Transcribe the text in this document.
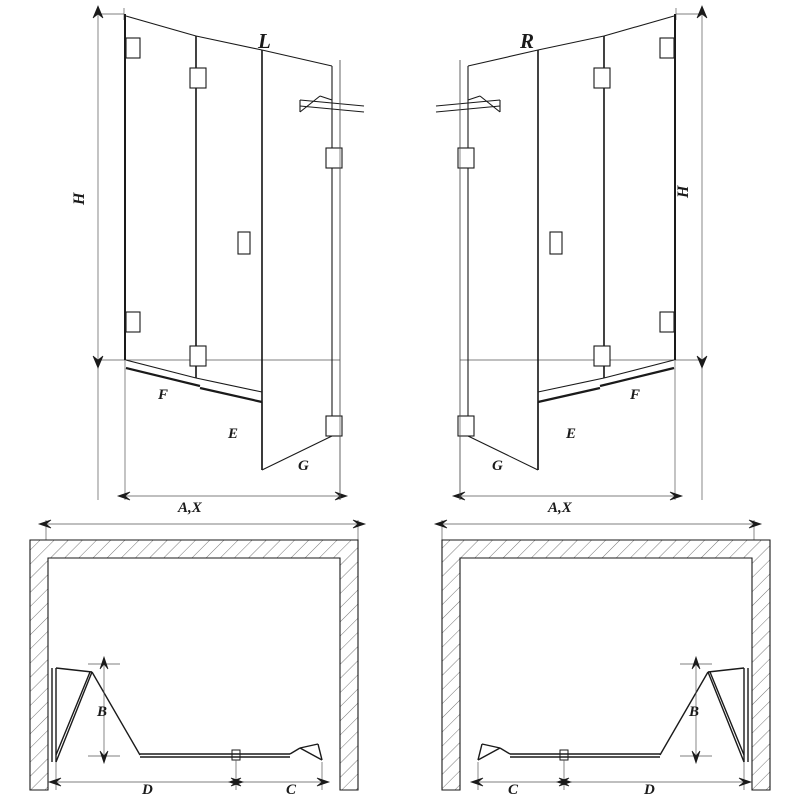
L	R
H
H
F
E
G	G
E
F
A,X	A,X
B	B
D	C	C	D
